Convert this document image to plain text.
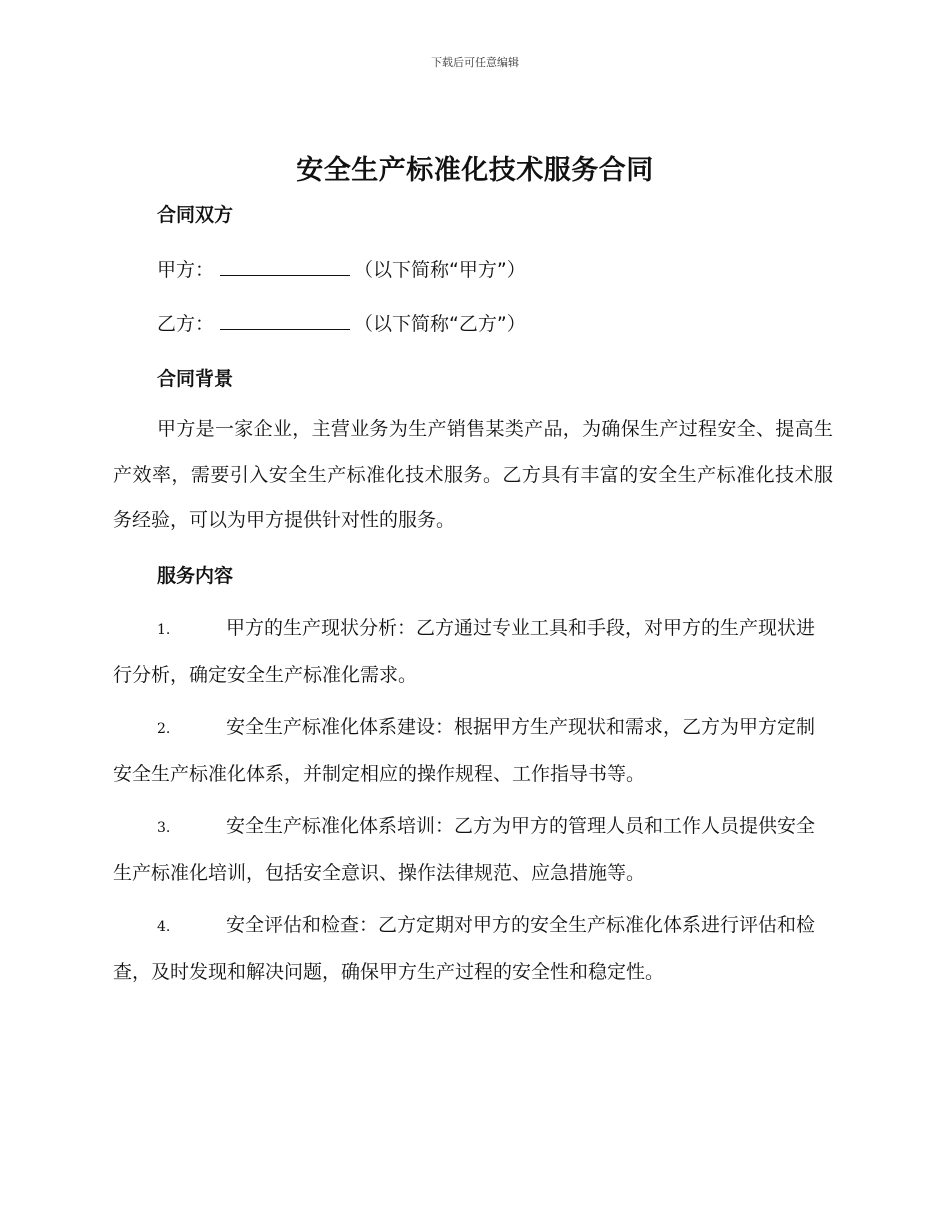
下载后可任意编辑
安全生产标准化技术服务合同
合同双方
甲方：	（以下简称“甲方”）
乙方：	（以下简称“乙方”）
合同背景
甲方是一家企业，主营业务为生产销售某类产品，为确保生产过程安全、提高生产效率，需要引入安全生产标准化技术服务。乙方具有丰富的安全生产标准化技术服务经验，可以为甲方提供针对性的服务。
服务内容
1.	甲方的生产现状分析：乙方通过专业工具和手段，对甲方的生产现状进行分析，确定安全生产标准化需求。
2.	安全生产标准化体系建设：根据甲方生产现状和需求，乙方为甲方定制安全生产标准化体系，并制定相应的操作规程、工作指导书等。
3.	安全生产标准化体系培训：乙方为甲方的管理人员和工作人员提供安全生产标准化培训，包括安全意识、操作法律规范、应急措施等。
4.	安全评估和检查：乙方定期对甲方的安全生产标准化体系进行评估和检查，及时发现和解决问题，确保甲方生产过程的安全性和稳定性。
